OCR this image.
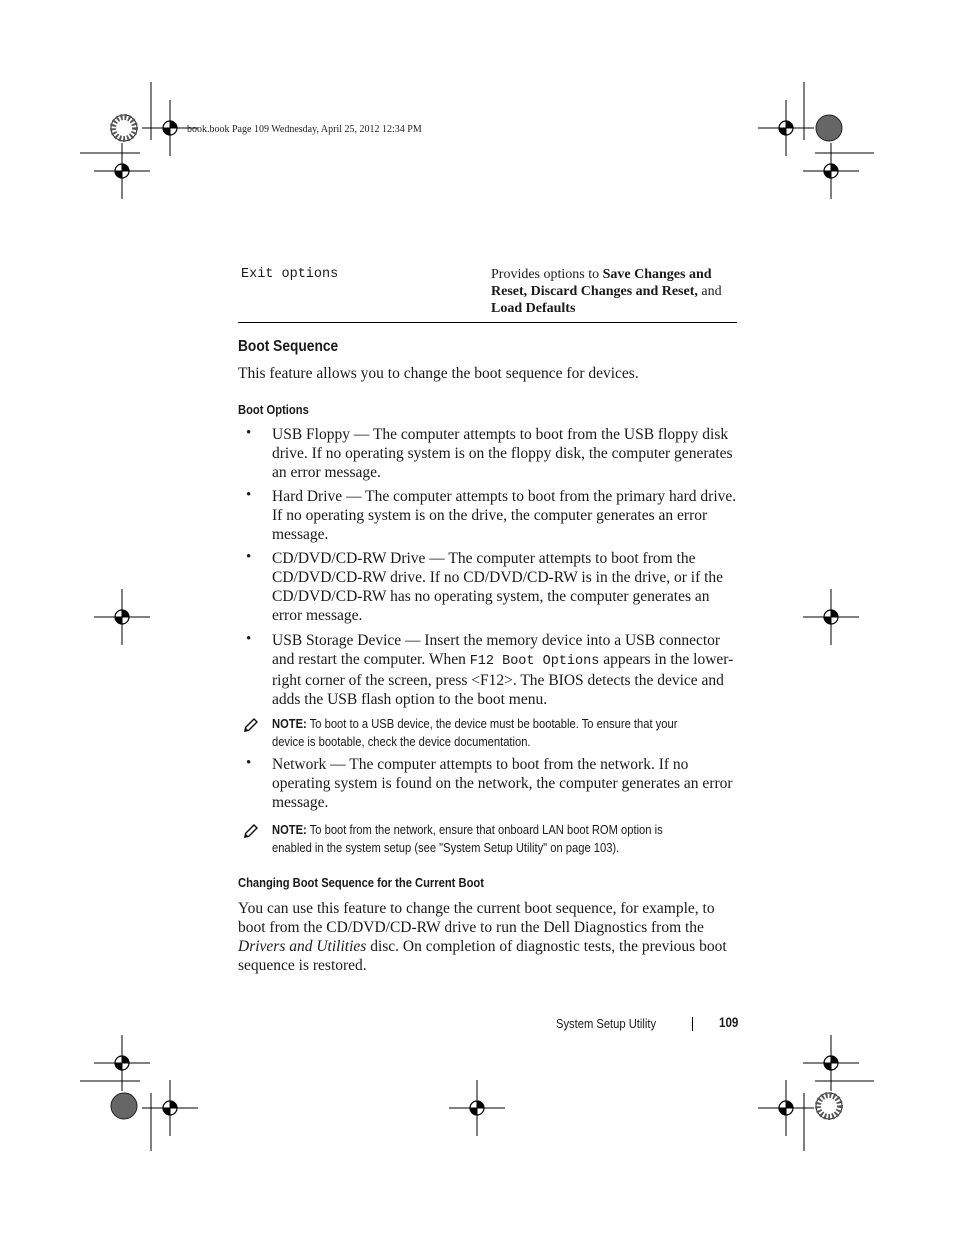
book.book Page 109 Wednesday, April 25, 2012 12:34 PM
Exit options	Provides options to Save Changes and Reset, Discard Changes and Reset, and Load Defaults
Boot Sequence
This feature allows you to change the boot sequence for devices.
Boot Options
• USB Floppy — The computer attempts to boot from the USB floppy disk drive. If no operating system is on the floppy disk, the computer generates an error message.
• Hard Drive — The computer attempts to boot from the primary hard drive. If no operating system is on the drive, the computer generates an error message.
• CD/DVD/CD-RW Drive — The computer attempts to boot from the CD/DVD/CD-RW drive. If no CD/DVD/CD-RW is in the drive, or if the CD/DVD/CD-RW has no operating system, the computer generates an error message.
• USB Storage Device — Insert the memory device into a USB connector and restart the computer. When F12 Boot Options appears in the lower-right corner of the screen, press <F12>. The BIOS detects the device and adds the USB flash option to the boot menu.
NOTE: To boot to a USB device, the device must be bootable. To ensure that your
device is bootable, check the device documentation.
• Network — The computer attempts to boot from the network. If no operating system is found on the network, the computer generates an error message.
NOTE: To boot from the network, ensure that onboard LAN boot ROM option is
enabled in the system setup (see "System Setup Utility" on page 103).
Changing Boot Sequence for the Current Boot
You can use this feature to change the current boot sequence, for example, to boot from the CD/DVD/CD-RW drive to run the Dell Diagnostics from the Drivers and Utilities disc. On completion of diagnostic tests, the previous boot sequence is restored.
System Setup Utility	109
